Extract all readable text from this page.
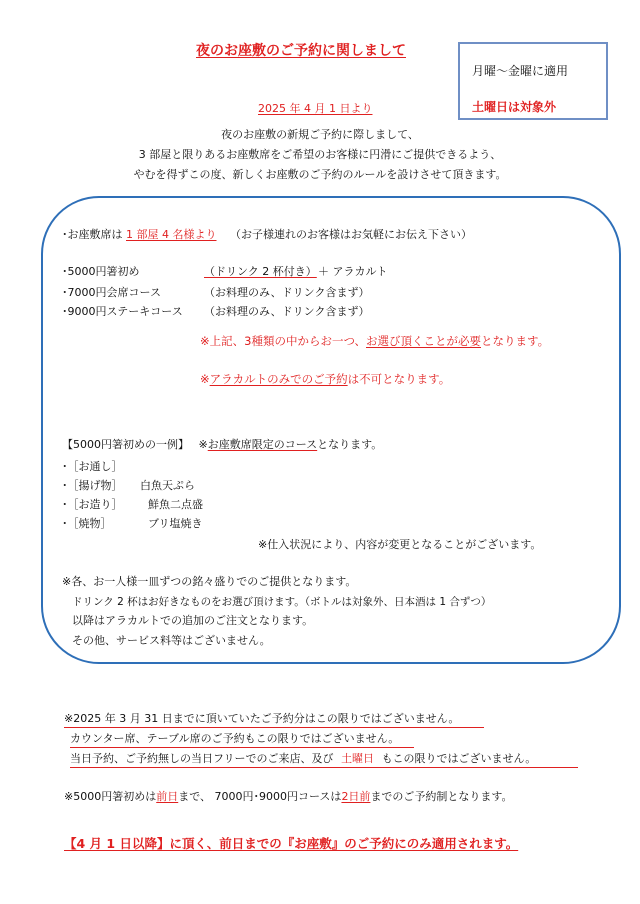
夜のお座敷のご予約に関しまして
月曜～金曜に適用
土曜日は対象外
2025 年 4 月 1 日より
夜のお座敷の新規ご予約に際しまして、
3 部屋と限りあるお座敷席をご希望のお客様に円滑にご提供できるよう、
やむを得ずこの度、新しくお座敷のご予約のルールを設けさせて頂きます。
･お座敷席は 1 部屋 4 名様より （お子様連れのお客様はお気軽にお伝え下さい）
･5000円箸初め	（ドリンク 2 杯付き） ＋ アラカルト
･7000円会席コース	（お料理のみ、ドリンク含まず）
･9000円ステーキコース （お料理のみ、ドリンク含まず）
※上記、3種類の中からお一つ、お選び頂くことが必要となります。
※アラカルトのみでのご予約は不可となります。
【5000円箸初めの一例】 ※お座敷席限定のコースとなります。
･［お通し］
･［揚げ物］ 白魚天ぷら
･［お造り］ 鮮魚二点盛
･［焼物］	ブリ塩焼き
※仕入状況により、内容が変更となることがございます。
※各、お一人様一皿ずつの銘々盛りでのご提供となります。
ドリンク 2 杯はお好きなものをお選び頂けます。（ボトルは対象外、日本酒は 1 合ずつ）
以降はアラカルトでの追加のご注文となります。
その他、サービス料等はございません。
※2025 年 3 月 31 日までに頂いていたご予約分はこの限りではございません。
カウンター席、テーブル席のご予約もこの限りではございません。
当日予約、ご予約無しの当日フリーでのご来店、及び 土曜日 もこの限りではございません。
※5000円箸初めは前日まで、 7000円･9000円コースは2日前までのご予約制となります。
【4 月 1 日以降】に頂く、前日までの『お座敷』のご予約にのみ適用されます。
